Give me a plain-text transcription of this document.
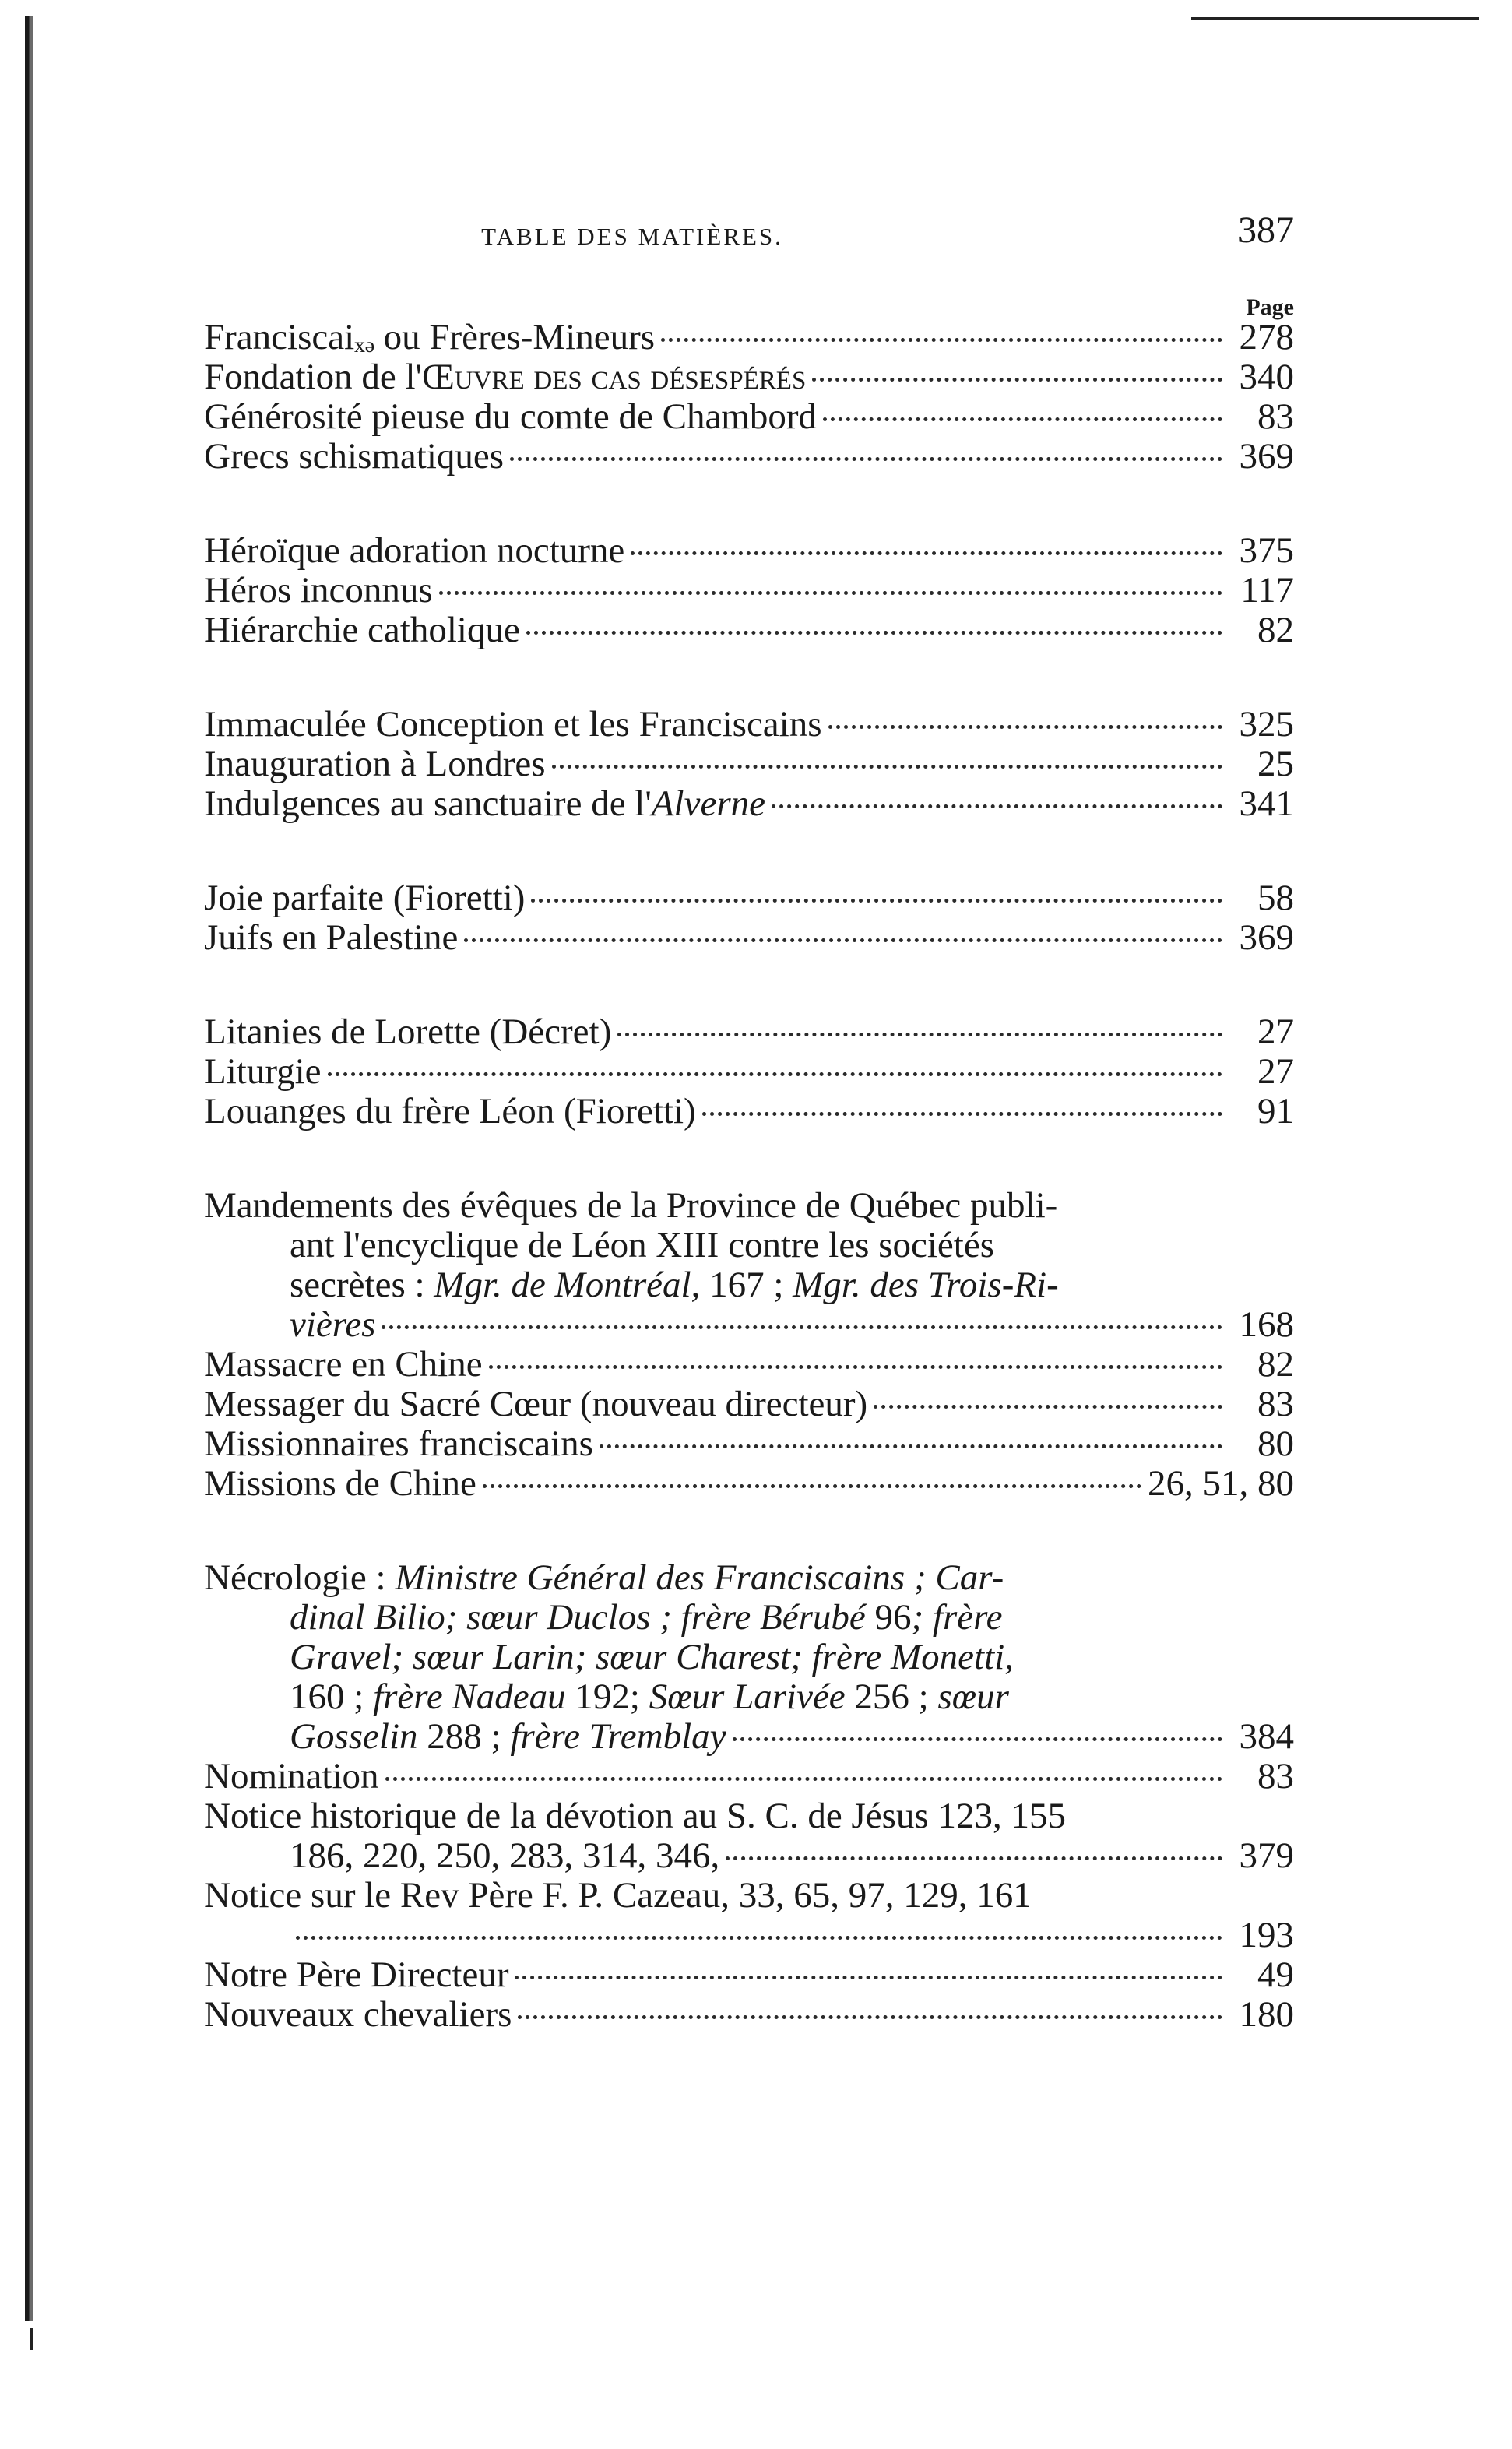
TABLE DES MATIÈRES.	387
Page
Franciscaiₓₔ ou Frères-Mineurs	278
Fondation de l'Œuvre des cas désespérés	340
Générosité pieuse du comte de Chambord	83
Grecs schismatiques	369
Héroïque adoration nocturne	375
Héros inconnus	117
Hiérarchie catholique	82
Immaculée Conception et les Franciscains	325
Inauguration à Londres	25
Indulgences au sanctuaire de l'Alverne	341
Joie parfaite (Fioretti)	58
Juifs en Palestine	369
Litanies de Lorette (Décret)	27
Liturgie	27
Louanges du frère Léon (Fioretti)	91
Mandements des évêques de la Province de Québec publi-
ant l'encyclique de Léon XIII contre les sociétés
secrètes : Mgr. de Montréal, 167 ; Mgr. des Trois-Ri-
vières	168
Massacre en Chine	82
Messager du Sacré Cœur (nouveau directeur)	83
Missionnaires franciscains	80
Missions de Chine	26, 51, 80
Nécrologie : Ministre Général des Franciscains ; Car-
dinal Bilio; sœur Duclos ; frère Bérubé 96; frère
Gravel; sœur Larin; sœur Charest; frère Monetti,
160 ; frère Nadeau 192; Sœur Larivée 256 ; sœur
Gosselin 288 ; frère Tremblay	384
Nomination	83
Notice historique de la dévotion au S. C. de Jésus 123, 155
186, 220, 250, 283, 314, 346,	379
Notice sur le Rev Père F. P. Cazeau, 33, 65, 97, 129, 161
193
Notre Père Directeur	49
Nouveaux chevaliers	180
